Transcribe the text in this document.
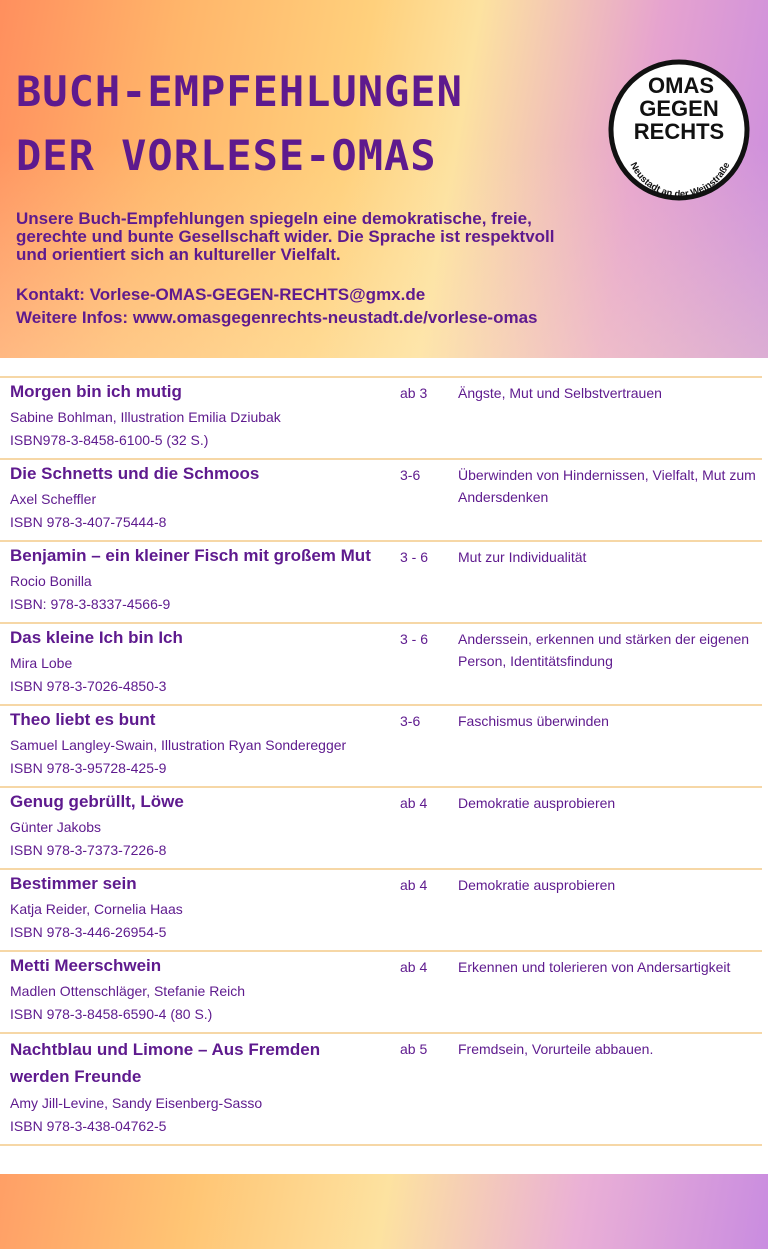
BUCH-EMPFEHLUNGEN
DER VORLESE-OMAS
OMAS
GEGEN
RECHTS
Neustadt an der Weinstraße
Unsere Buch-Empfehlungen spiegeln eine demokratische, freie, gerechte und bunte Gesellschaft wider. Die Sprache ist respektvoll und orientiert sich an kultureller Vielfalt.
Kontakt: Vorlese-OMAS-GEGEN-RECHTS@gmx.de
Weitere Infos: www.omasgegenrechts-neustadt.de/vorlese-omas
Morgen bin ich mutig
Sabine Bohlman, Illustration Emilia Dziubak
ISBN978-3-8458-6100-5 (32 S.)
ab 3 Ängste, Mut und Selbstvertrauen
Die Schnetts und die Schmoos
Axel Scheffler
ISBN 978-3-407-75444-8
3-6	Überwinden von Hindernissen, Vielfalt, Mut zum Andersdenken
Benjamin – ein kleiner Fisch mit großem Mut
Rocio Bonilla
ISBN: 978-3-8337-4566-9
3 - 6 Mut zur Individualität
Das kleine Ich bin Ich
Mira Lobe
ISBN 978-3-7026-4850-3
3 - 6 Anderssein, erkennen und stärken der eigenen Person, Identitätsfindung
Theo liebt es bunt
Samuel Langley-Swain, Illustration Ryan Sonderegger
ISBN 978-3-95728-425-9
3-6	Faschismus überwinden
Genug gebrüllt, Löwe
Günter Jakobs
ISBN 978-3-7373-7226-8
ab 4 Demokratie ausprobieren
Bestimmer sein
Katja Reider, Cornelia Haas
ISBN 978-3-446-26954-5
ab 4 Demokratie ausprobieren
Metti Meerschwein
Madlen Ottenschläger, Stefanie Reich
ISBN 978-3-8458-6590-4 (80 S.)
ab 4 Erkennen und tolerieren von Andersartigkeit
Nachtblau und Limone – Aus Fremden werden Freunde
Amy Jill-Levine, Sandy Eisenberg-Sasso
ISBN 978-3-438-04762-5
ab 5 Fremdsein, Vorurteile abbauen.
